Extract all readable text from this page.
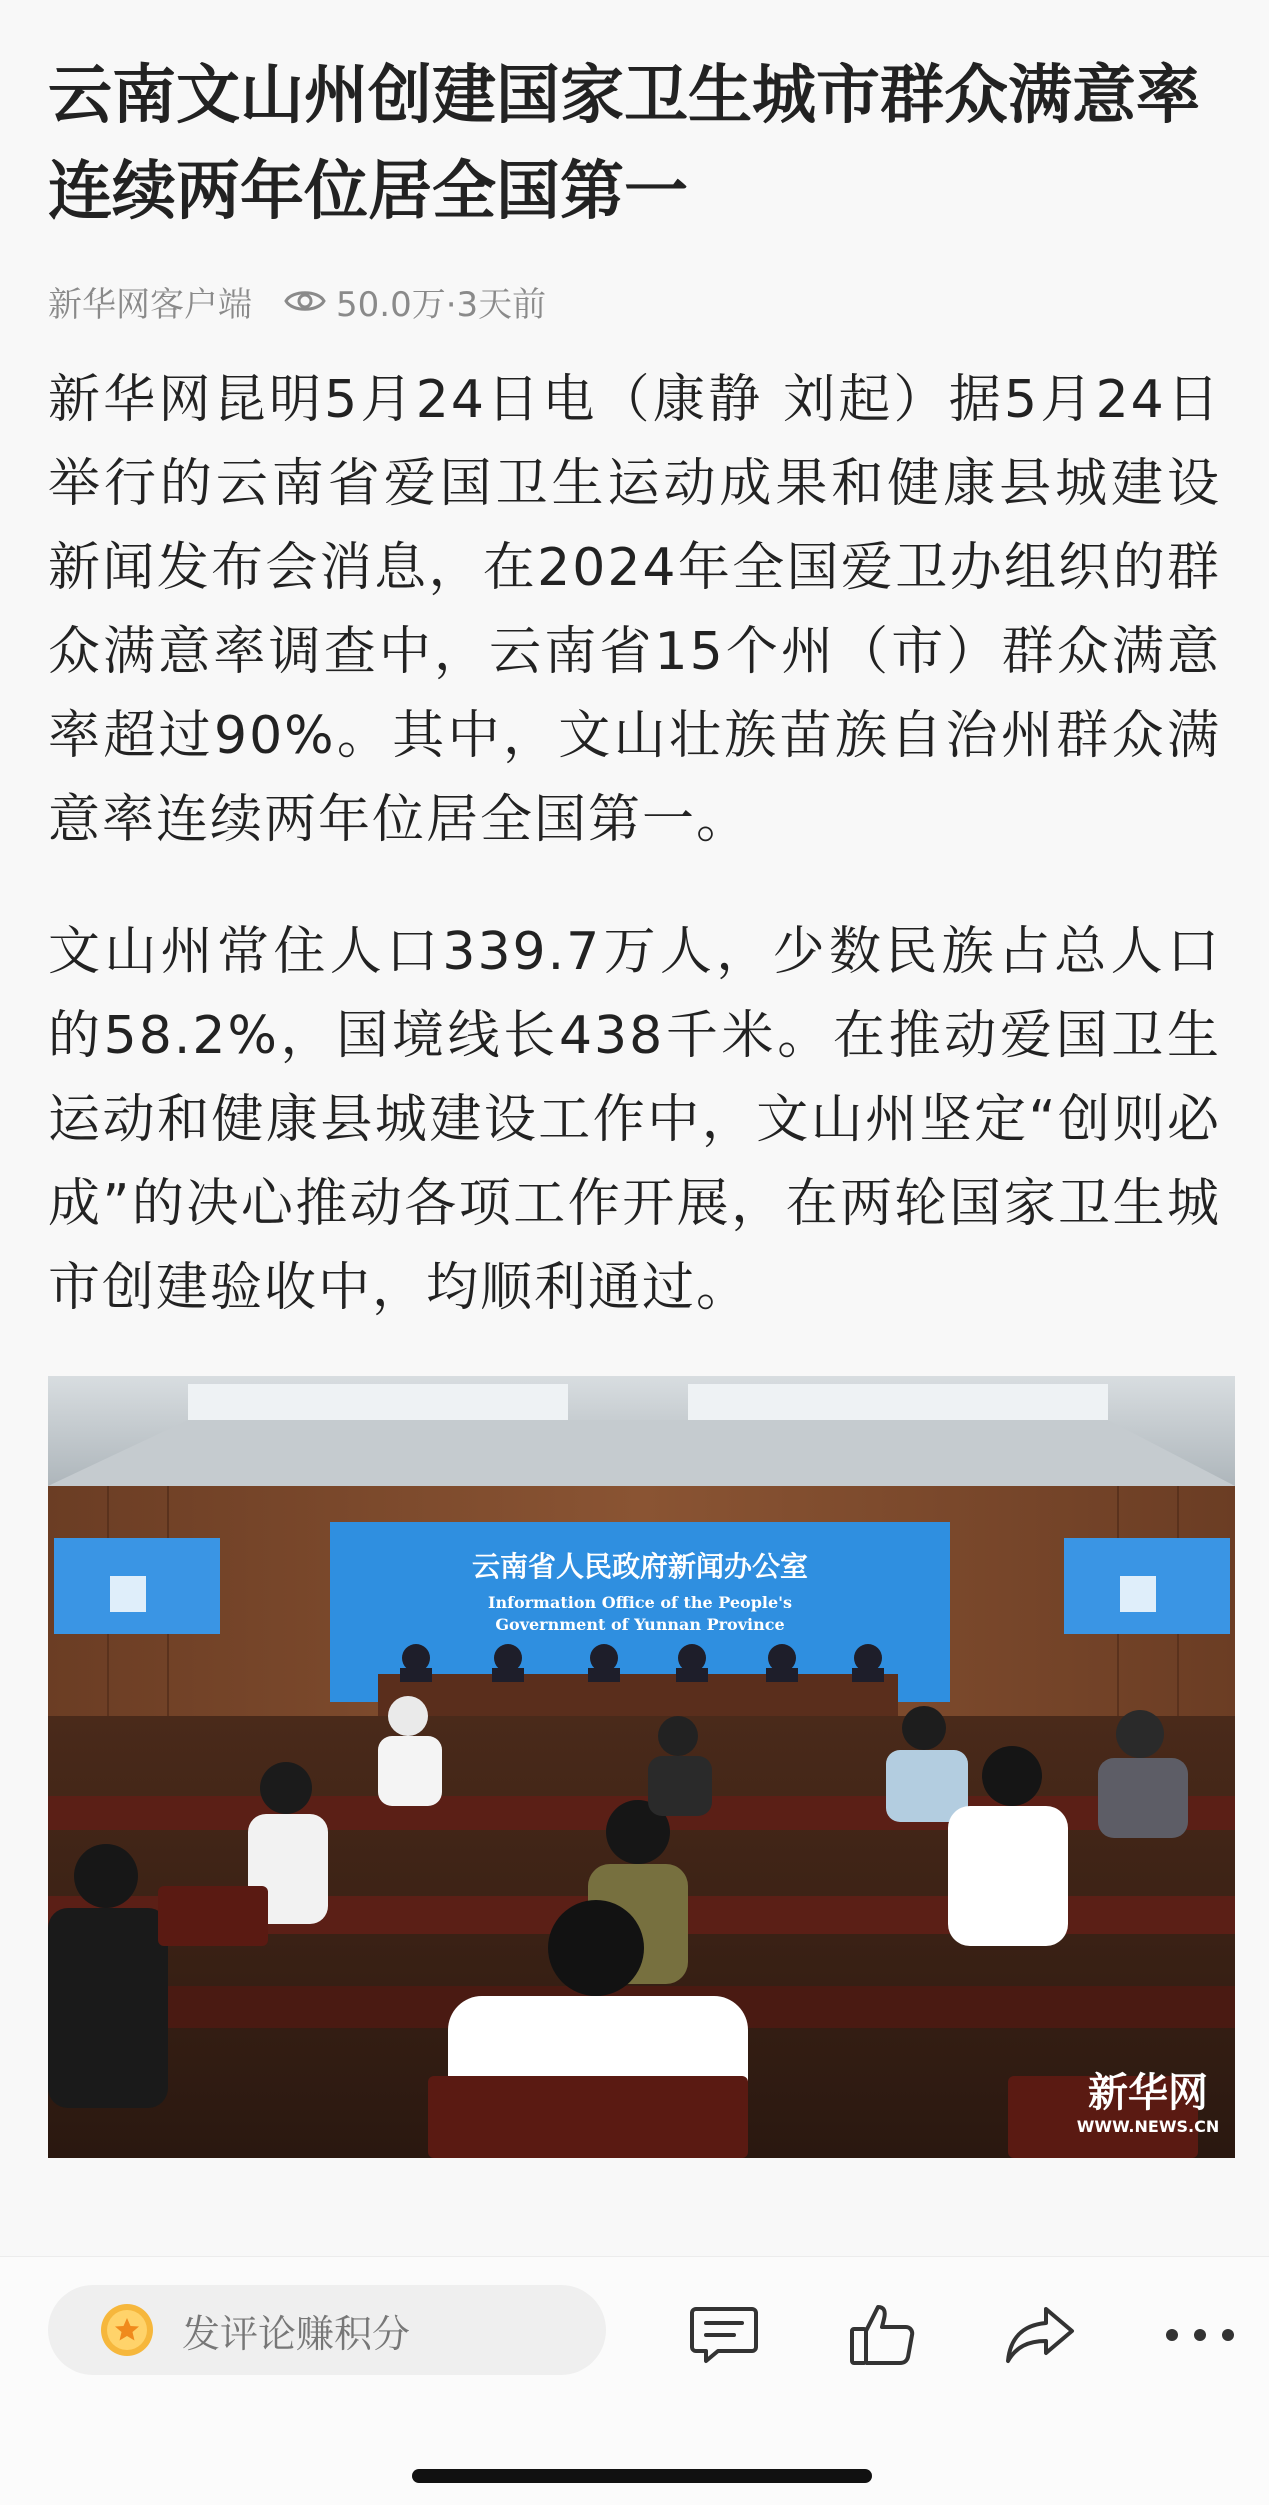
云南文山州创建国家卫生城市群众满意率连续两年位居全国第一
新华网客户端 50.0万·3天前

新华网昆明5月24日电（康静 刘起）据5月24日举行的云南省爱国卫生运动成果和健康县城建设新闻发布会消息，在2024年全国爱卫办组织的群众满意率调查中，云南省15个州（市）群众满意率超过90%。其中，文山壮族苗族自治州群众满意率连续两年位居全国第一。

文山州常住人口339.7万人，少数民族占总人口的58.2%，国境线长438千米。在推动爱国卫生运动和健康县城建设工作中，文山州坚定“创则必成”的决心推动各项工作开展，在两轮国家卫生城市创建验收中，均顺利通过。

云南省人民政府新闻办公室
Information Office of the People's
Government of Yunnan Province
新华网
WWW.NEWS.CN
发评论赚积分
